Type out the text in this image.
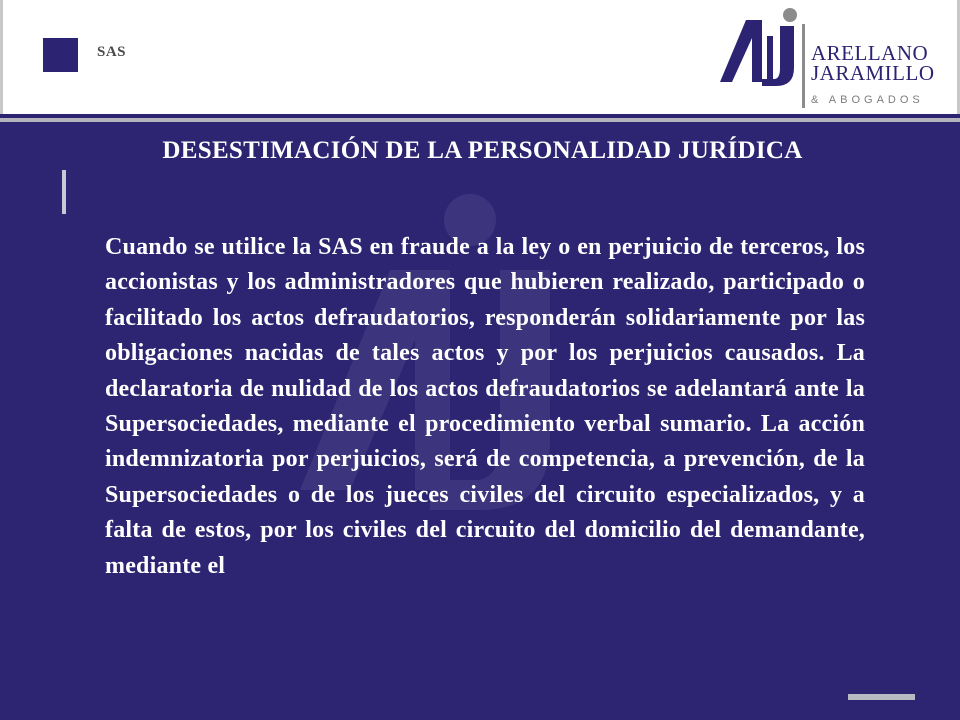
SAS	ARELLANO
JARAMILLO
& ABOGADOS
DESESTIMACIÓN DE LA PERSONALIDAD JURÍDICA
Cuando se utilice la SAS en fraude a la ley o en perjuicio de terceros, los accionistas y los administradores que hubieren realizado, participado o facilitado los actos defraudatorios, responderán solidariamente por las obligaciones nacidas de tales actos y por los perjuicios causados. La declaratoria de nulidad de los actos defraudatorios se adelantará ante la Supersociedades, mediante el procedimiento verbal sumario. La acción indemnizatoria por perjuicios, será de competencia, a prevención, de la Supersociedades o de los jueces civiles del circuito especializados, y a falta de estos, por los civiles del circuito del domicilio del demandante, mediante el
